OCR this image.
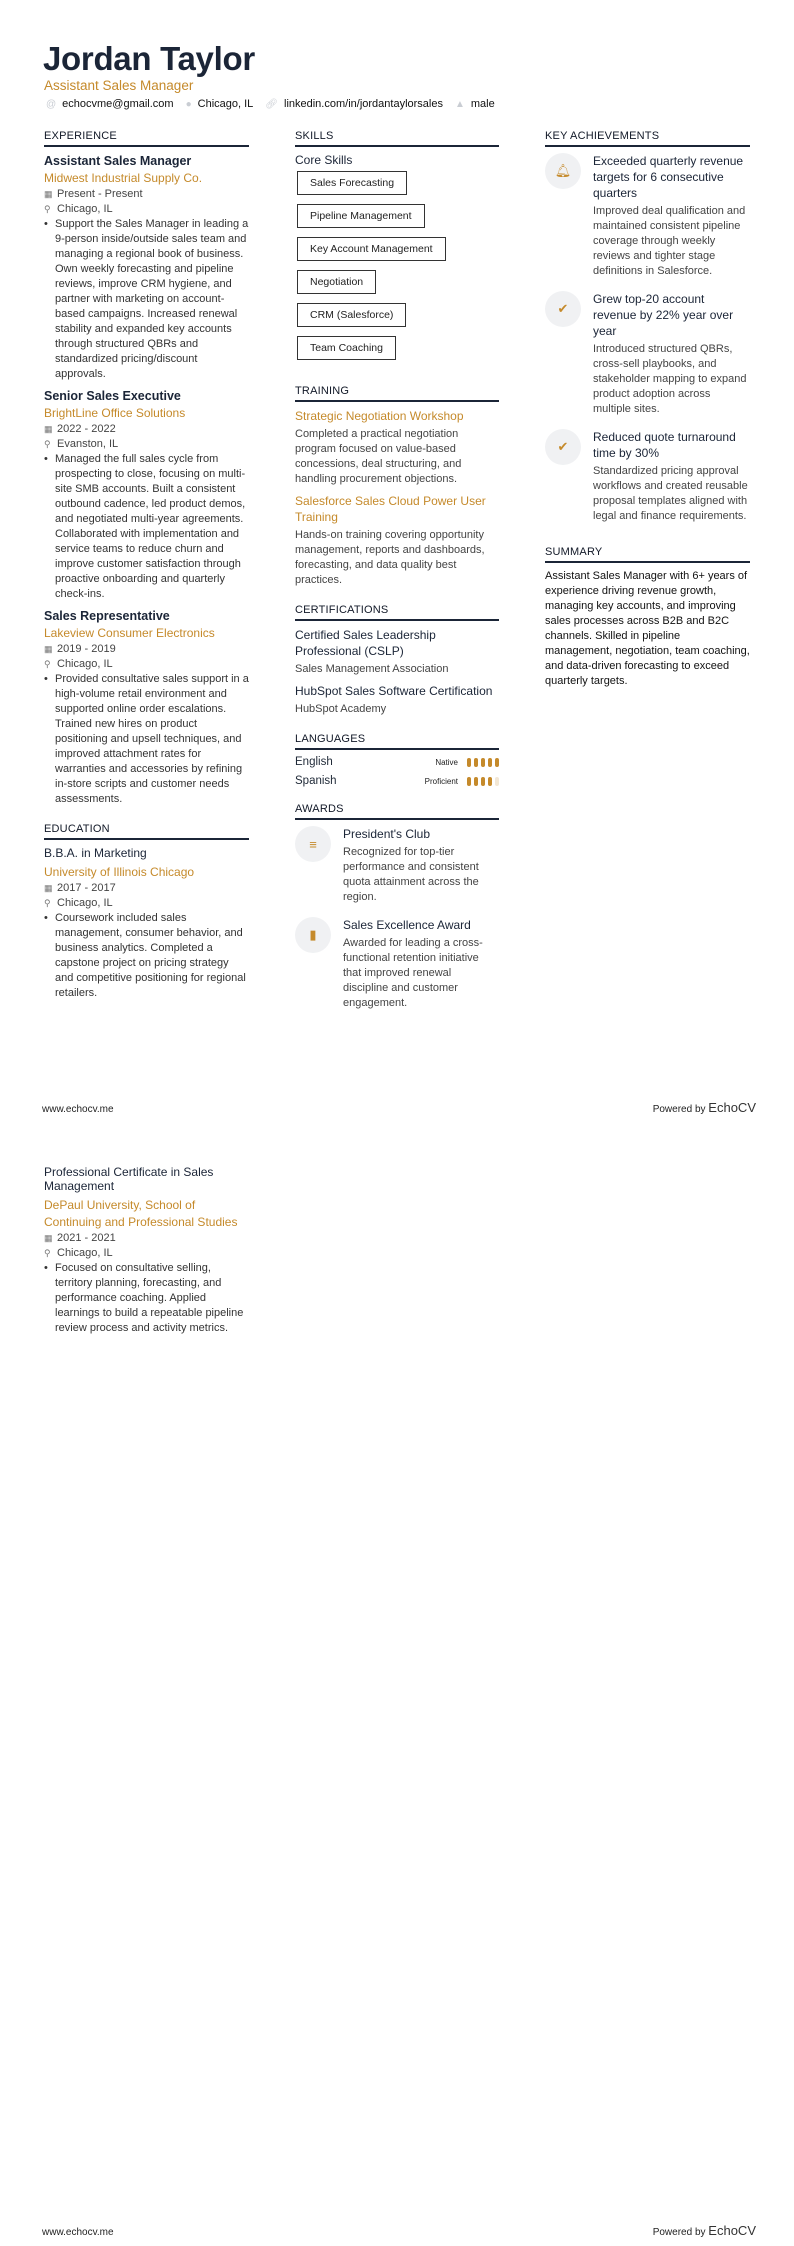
Jordan Taylor
Assistant Sales Manager
@ echocvme@gmail.com ● Chicago, IL 🔗︎ linkedin.com/in/jordantaylorsales ▲ male
EXPERIENCE
Assistant Sales Manager
Midwest Industrial Supply Co.
▦ Present - Present
⚲ Chicago, IL
• Support the Sales Manager in leading a 9-person inside/outside sales team and managing a regional book of business. Own weekly forecasting and pipeline reviews, improve CRM hygiene, and partner with marketing on account-based campaigns. Increased renewal stability and expanded key accounts through structured QBRs and standardized pricing/discount approvals.
Senior Sales Executive
BrightLine Office Solutions
▦ 2022 - 2022
⚲ Evanston, IL
• Managed the full sales cycle from prospecting to close, focusing on multi-site SMB accounts. Built a consistent outbound cadence, led product demos, and negotiated multi-year agreements. Collaborated with implementation and service teams to reduce churn and improve customer satisfaction through proactive onboarding and quarterly check-ins.
Sales Representative
Lakeview Consumer Electronics
▦ 2019 - 2019
⚲ Chicago, IL
• Provided consultative sales support in a high-volume retail environment and supported online order escalations. Trained new hires on product positioning and upsell techniques, and improved attachment rates for warranties and accessories by refining in-store scripts and customer needs assessments.
EDUCATION
B.B.A. in Marketing
University of Illinois Chicago
▦ 2017 - 2017
⚲ Chicago, IL
• Coursework included sales management, consumer behavior, and business analytics. Completed a capstone project on pricing strategy and competitive positioning for regional retailers.
SKILLS
Core Skills
Sales Forecasting
Pipeline Management
Key Account Management
Negotiation
CRM (Salesforce)
Team Coaching
TRAINING
Strategic Negotiation Workshop
Completed a practical negotiation program focused on value-based concessions, deal structuring, and handling procurement objections.
Salesforce Sales Cloud Power User Training
Hands-on training covering opportunity management, reports and dashboards, forecasting, and data quality best practices.
CERTIFICATIONS
Certified Sales Leadership Professional (CSLP)
Sales Management Association
HubSpot Sales Software Certification
HubSpot Academy
LANGUAGES
English	Native
Spanish	Proficient
AWARDS
≡
President's Club
Recognized for top-tier performance and consistent quota attainment across the region.
▮
Sales Excellence Award
Awarded for leading a cross-functional retention initiative that improved renewal discipline and customer engagement.
KEY ACHIEVEMENTS
🔔︎
Exceeded quarterly revenue targets for 6 consecutive quarters
Improved deal qualification and maintained consistent pipeline coverage through weekly reviews and tighter stage definitions in Salesforce.
✔
Grew top-20 account revenue by 22% year over year
Introduced structured QBRs, cross-sell playbooks, and stakeholder mapping to expand product adoption across multiple sites.
✔
Reduced quote turnaround time by 30%
Standardized pricing approval workflows and created reusable proposal templates aligned with legal and finance requirements.
SUMMARY
Assistant Sales Manager with 6+ years of experience driving revenue growth, managing key accounts, and improving sales processes across B2B and B2C channels. Skilled in pipeline management, negotiation, team coaching, and data-driven forecasting to exceed quarterly targets.
www.echocv.me	Powered by EchoCV
Professional Certificate in Sales Management
DePaul University, School of Continuing and Professional Studies
▦ 2021 - 2021
⚲ Chicago, IL
• Focused on consultative selling, territory planning, forecasting, and performance coaching. Applied learnings to build a repeatable pipeline review process and activity metrics.
www.echocv.me	Powered by EchoCV
